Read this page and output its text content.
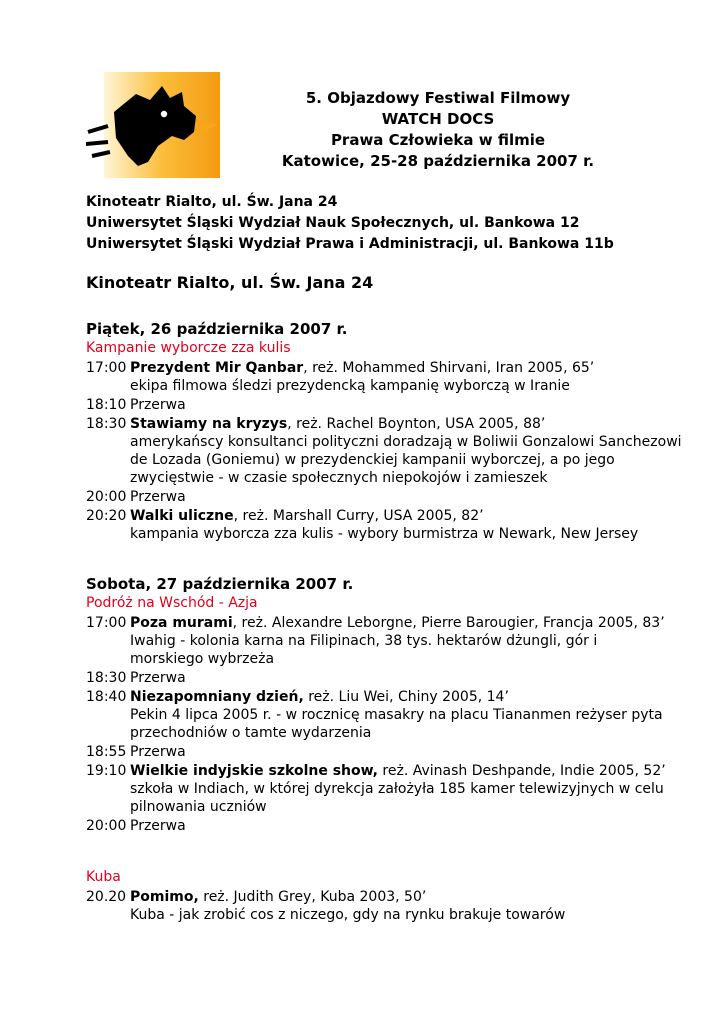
5. Objazdowy Festiwal Filmowy
WATCH DOCS
Prawa Człowieka w filmie
Katowice, 25-28 października 2007 r.
Kinoteatr Rialto, ul. Św. Jana 24
Uniwersytet Śląski Wydział Nauk Społecznych, ul. Bankowa 12
Uniwersytet Śląski Wydział Prawa i Administracji, ul. Bankowa 11b
Kinoteatr Rialto, ul. Św. Jana 24
Piątek, 26 października 2007 r.
Kampanie wyborcze zza kulis
17:00 Prezydent Mir Qanbar, reż. Mohammed Shirvani, Iran 2005, 65’
ekipa filmowa śledzi prezydencką kampanię wyborczą w Iranie
18:10 Przerwa
18:30 Stawiamy na kryzys, reż. Rachel Boynton, USA 2005, 88’
amerykańscy konsultanci polityczni doradzają w Boliwii Gonzalowi Sanchezowi de Lozada (Goniemu) w prezydenckiej kampanii wyborczej, a po jego zwycięstwie - w czasie społecznych niepokojów i zamieszek
20:00 Przerwa
20:20 Walki uliczne, reż. Marshall Curry, USA 2005, 82’
kampania wyborcza zza kulis - wybory burmistrza w Newark, New Jersey
Sobota, 27 października 2007 r.
Podróż na Wschód - Azja
17:00 Poza murami, reż. Alexandre Leborgne, Pierre Barougier, Francja 2005, 83’
Iwahig - kolonia karna na Filipinach, 38 tys. hektarów dżungli, gór i morskiego wybrzeża
18:30 Przerwa
18:40 Niezapomniany dzień, reż. Liu Wei, Chiny 2005, 14’
Pekin 4 lipca 2005 r. - w rocznicę masakry na placu Tiananmen reżyser pyta przechodniów o tamte wydarzenia
18:55 Przerwa
19:10 Wielkie indyjskie szkolne show, reż. Avinash Deshpande, Indie 2005, 52’
szkoła w Indiach, w której dyrekcja założyła 185 kamer telewizyjnych w celu pilnowania uczniów
20:00 Przerwa
Kuba
20.20 Pomimo, reż. Judith Grey, Kuba 2003, 50’
Kuba - jak zrobić cos z niczego, gdy na rynku brakuje towarów
